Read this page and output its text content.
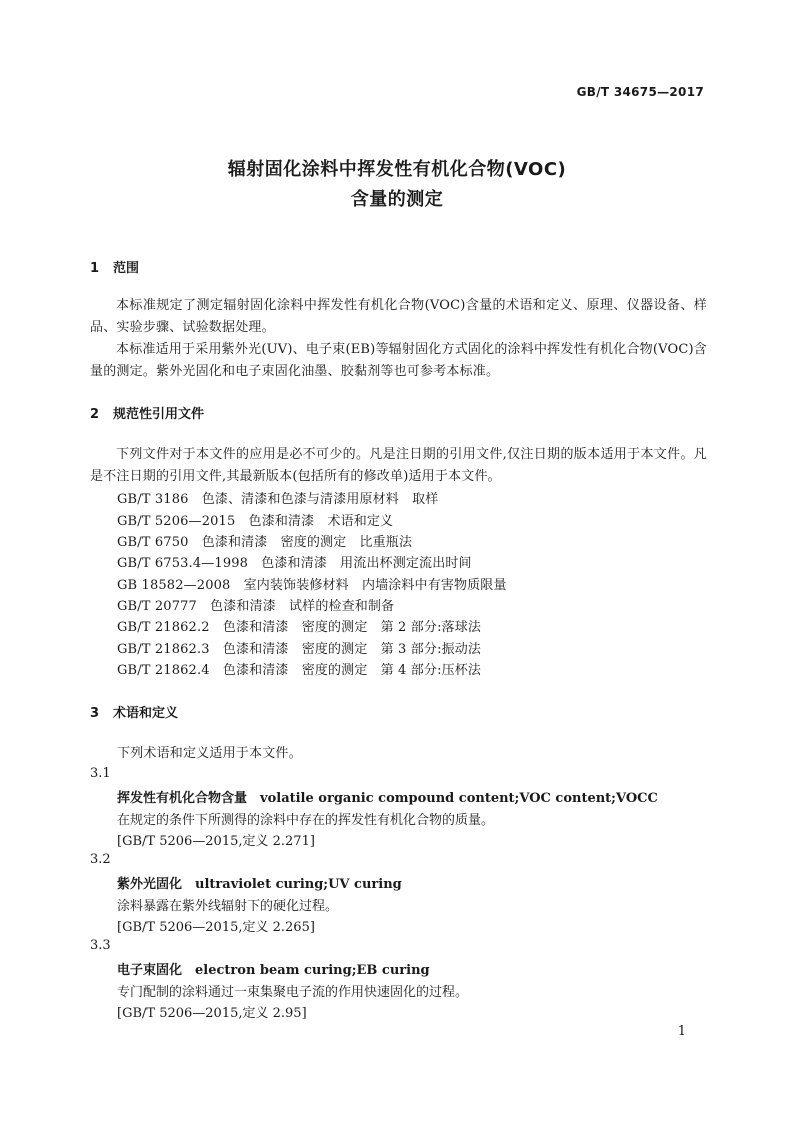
GB/T 34675—2017
辐射固化涂料中挥发性有机化合物(VOC)
含量的测定
1 范围
本标准规定了测定辐射固化涂料中挥发性有机化合物(VOC)含量的术语和定义、原理、仪器设备、样品、实验步骤、试验数据处理。
本标准适用于采用紫外光(UV)、电子束(EB)等辐射固化方式固化的涂料中挥发性有机化合物(VOC)含量的测定。紫外光固化和电子束固化油墨、胶黏剂等也可参考本标准。
2 规范性引用文件
下列文件对于本文件的应用是必不可少的。凡是注日期的引用文件,仅注日期的版本适用于本文件。凡是不注日期的引用文件,其最新版本(包括所有的修改单)适用于本文件。
GB/T 3186　色漆、清漆和色漆与清漆用原材料　取样
GB/T 5206—2015　色漆和清漆　术语和定义
GB/T 6750　色漆和清漆　密度的测定　比重瓶法
GB/T 6753.4—1998　色漆和清漆　用流出杯测定流出时间
GB 18582—2008　室内装饰装修材料　内墙涂料中有害物质限量
GB/T 20777　色漆和清漆　试样的检查和制备
GB/T 21862.2　色漆和清漆　密度的测定　第 2 部分:落球法
GB/T 21862.3　色漆和清漆　密度的测定　第 3 部分:振动法
GB/T 21862.4　色漆和清漆　密度的测定　第 4 部分:压杯法
3 术语和定义
下列术语和定义适用于本文件。
3.1
挥发性有机化合物含量　 volatile organic compound content;VOC content;VOCC
在规定的条件下所测得的涂料中存在的挥发性有机化合物的质量。
[GB/T 5206—2015,定义 2.271]
3.2
紫外光固化　 ultraviolet curing;UV curing
涂料暴露在紫外线辐射下的硬化过程。
[GB/T 5206—2015,定义 2.265]
3.3
电子束固化　 electron beam curing;EB curing
专门配制的涂料通过一束集聚电子流的作用快速固化的过程。
[GB/T 5206—2015,定义 2.95]
1
